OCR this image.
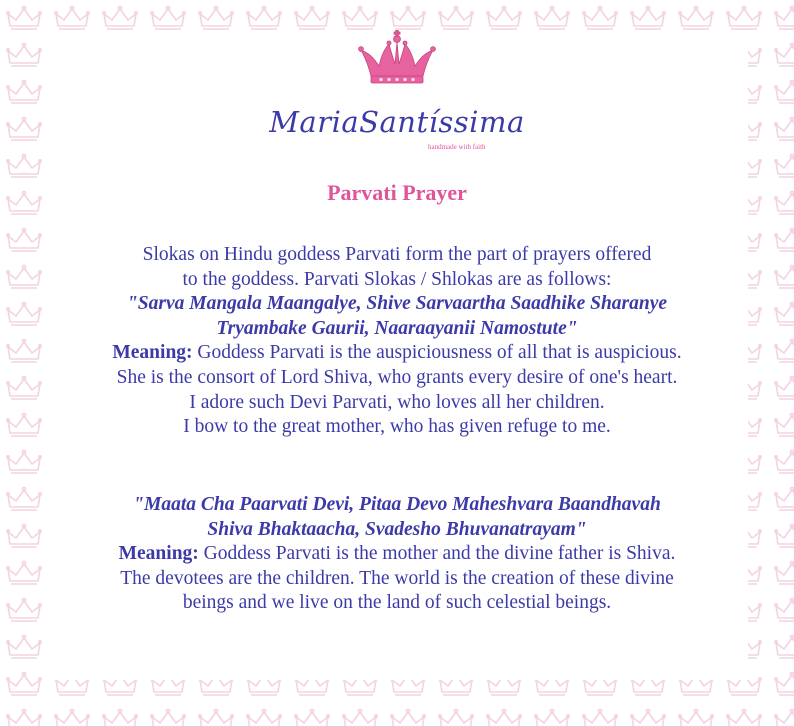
MariaSantíssima
handmade with faith
Parvati Prayer
Slokas on Hindu goddess Parvati form the part of prayers offered
to the goddess. Parvati Slokas / Shlokas are as follows:
"Sarva Mangala Maangalye, Shive Sarvaartha Saadhike Sharanye
Tryambake Gaurii, Naaraayanii Namostute"
Meaning: Goddess Parvati is the auspiciousness of all that is auspicious.
She is the consort of Lord Shiva, who grants every desire of one's heart.
I adore such Devi Parvati, who loves all her children.
I bow to the great mother, who has given refuge to me.
"Maata Cha Paarvati Devi, Pitaa Devo Maheshvara Baandhavah
Shiva Bhaktaacha, Svadesho Bhuvanatrayam"
Meaning: Goddess Parvati is the mother and the divine father is Shiva.
The devotees are the children. The world is the creation of these divine
beings and we live on the land of such celestial beings.
